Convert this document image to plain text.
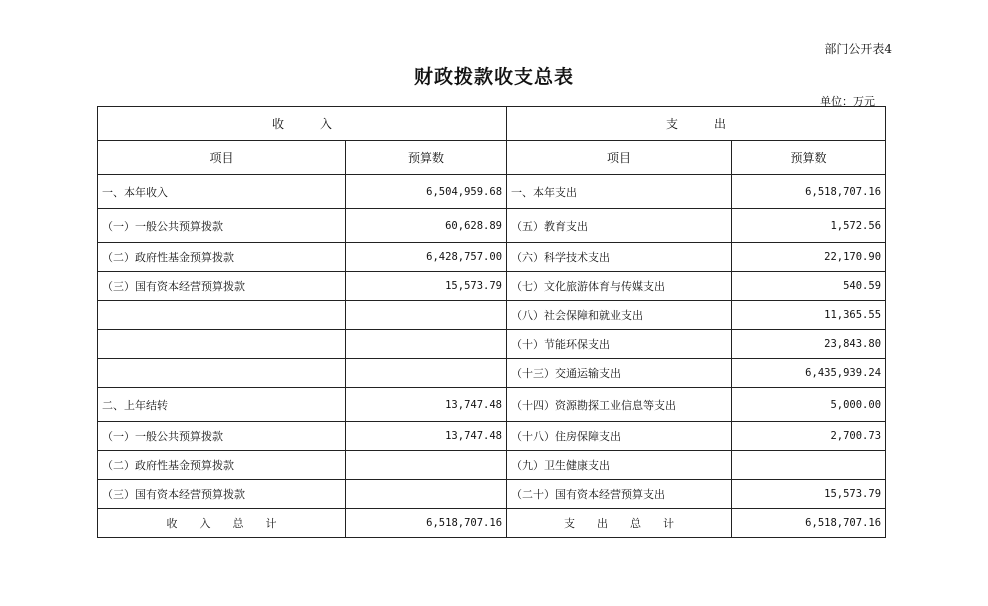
部门公开表4
财政拨款收支总表
单位：万元
收　　　入		支　　　出	
项目	预算数	项目	预算数
一、本年收入	6,504,959.68	一、本年支出	6,518,707.16
（一）一般公共预算拨款	60,628.89	（五）教育支出	1,572.56
（二）政府性基金预算拨款	6,428,757.00	（六）科学技术支出	22,170.90
（三）国有资本经营预算拨款	15,573.79	（七）文化旅游体育与传媒支出	540.59
		（八）社会保障和就业支出	11,365.55
		（十）节能环保支出	23,843.80
		（十三）交通运输支出	6,435,939.24
二、上年结转	13,747.48	（十四）资源勘探工业信息等支出	5,000.00
（一）一般公共预算拨款	13,747.48	（十八）住房保障支出	2,700.73
（二）政府性基金预算拨款		（九）卫生健康支出	
（三）国有资本经营预算拨款		（二十）国有资本经营预算支出	15,573.79
收　　入　　总　　计	6,518,707.16	支　　出　　总　　计	6,518,707.16
